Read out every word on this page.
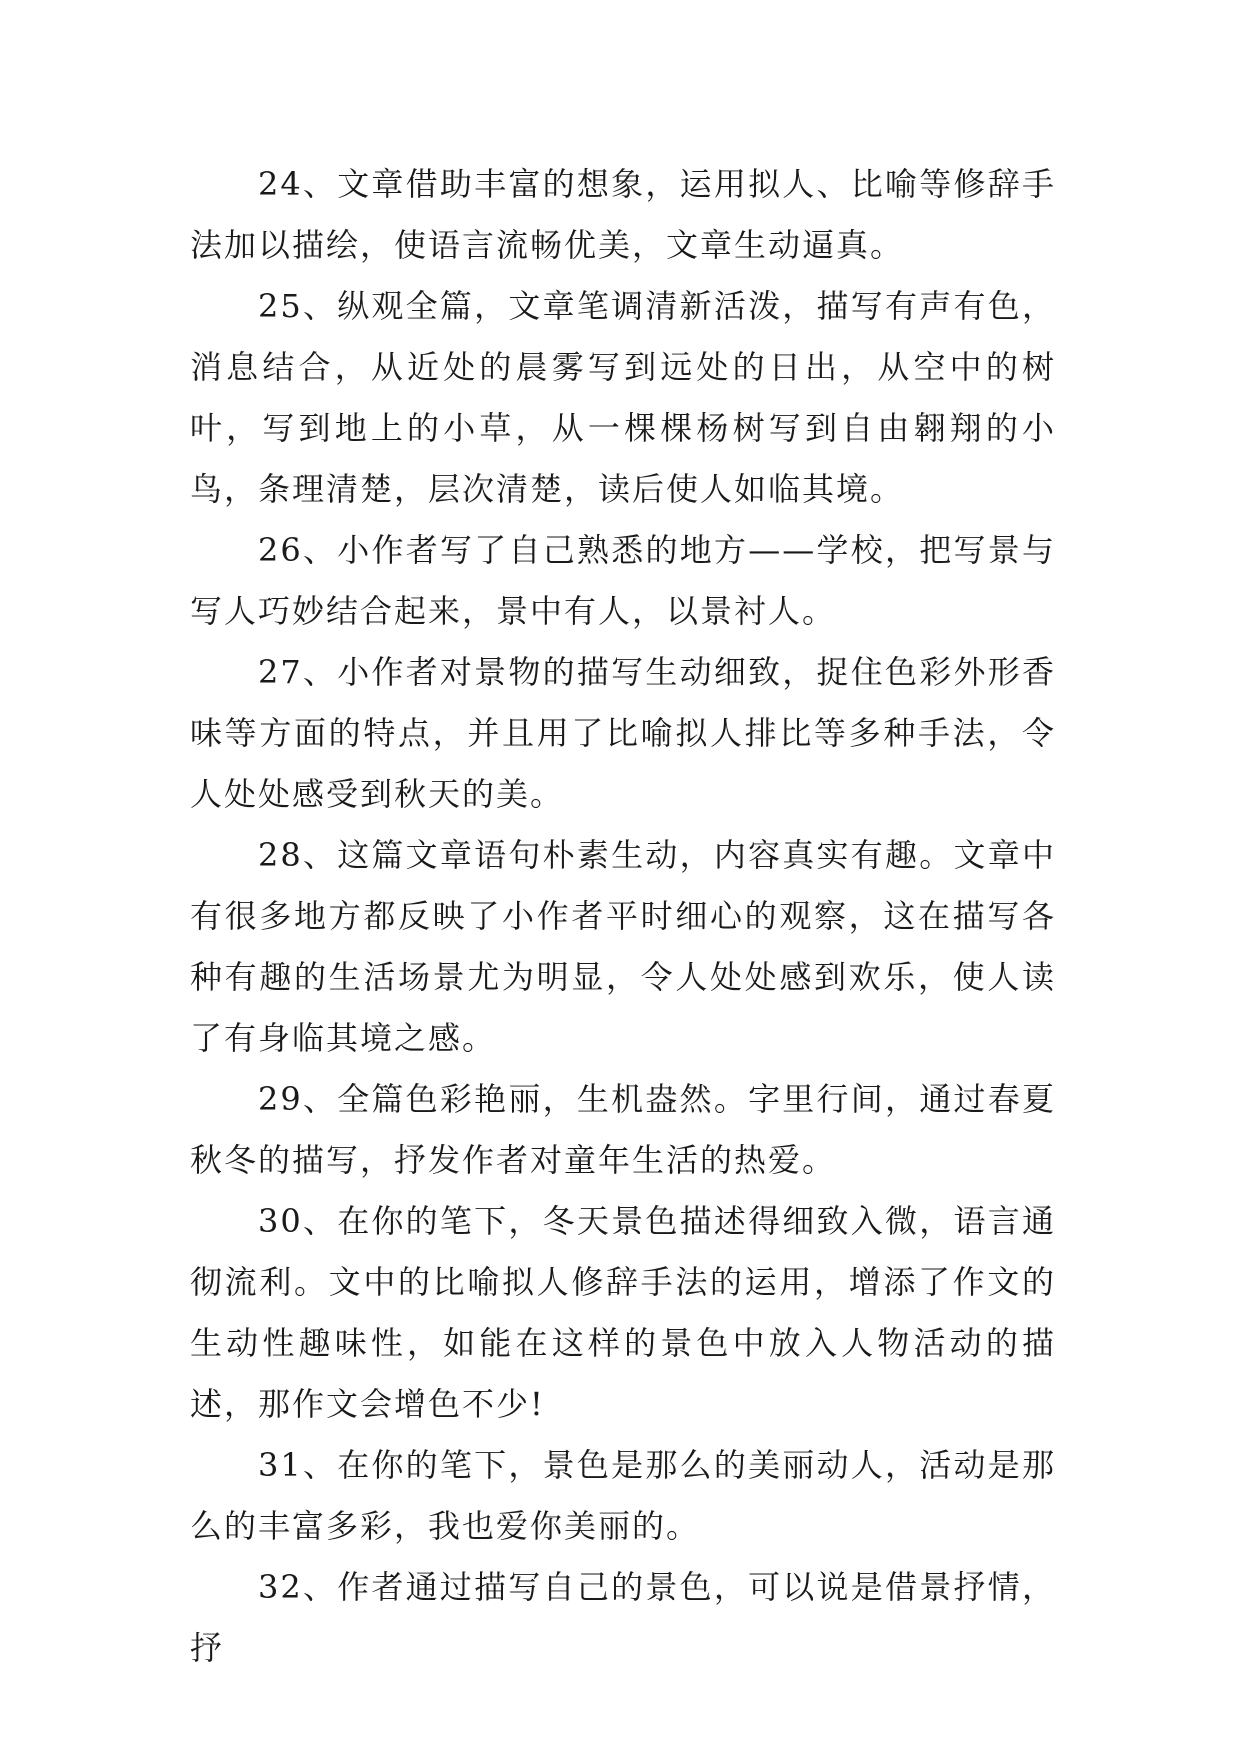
24、文章借助丰富的想象，运用拟人、比喻等修辞手法加以描绘，使语言流畅优美，文章生动逼真。

25、纵观全篇，文章笔调清新活泼，描写有声有色，消息结合，从近处的晨雾写到远处的日出，从空中的树叶，写到地上的小草，从一棵棵杨树写到自由翱翔的小鸟，条理清楚，层次清楚，读后使人如临其境。

26、小作者写了自己熟悉的地方——学校，把写景与写人巧妙结合起来，景中有人，以景衬人。

27、小作者对景物的描写生动细致，捉住色彩外形香味等方面的特点，并且用了比喻拟人排比等多种手法，令人处处感受到秋天的美。

28、这篇文章语句朴素生动，内容真实有趣。文章中有很多地方都反映了小作者平时细心的观察，这在描写各种有趣的生活场景尤为明显，令人处处感到欢乐，使人读了有身临其境之感。

29、全篇色彩艳丽，生机盎然。字里行间，通过春夏秋冬的描写，抒发作者对童年生活的热爱。

30、在你的笔下，冬天景色描述得细致入微，语言通彻流利。文中的比喻拟人修辞手法的运用，增添了作文的生动性趣味性，如能在这样的景色中放入人物活动的描述，那作文会增色不少!

31、在你的笔下，景色是那么的美丽动人，活动是那么的丰富多彩，我也爱你美丽的。

32、作者通过描写自己的景色，可以说是借景抒情，抒
